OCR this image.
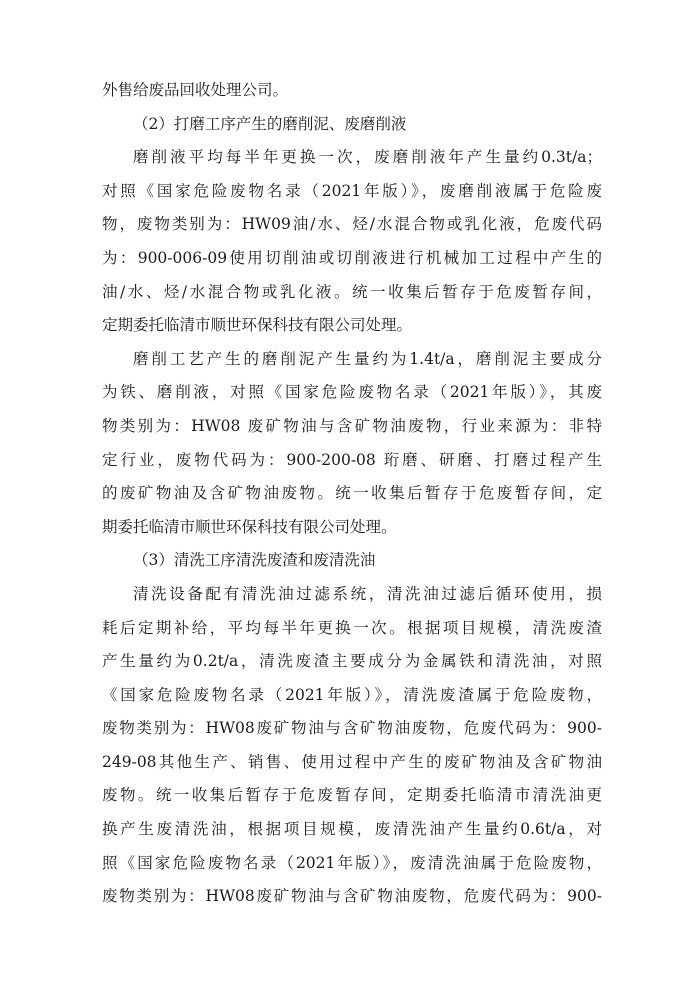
外售给废品回收处理公司。
（2）打磨工序产生的磨削泥、废磨削液
磨削液平均每半年更换一次，废磨削液年产生量约0.3t/a；
对照《国家危险废物名录（2021年版）》，废磨削液属于危险废
物，废物类别为：HW09油/水、烃/水混合物或乳化液，危废代码
为：900-006-09使用切削油或切削液进行机械加工过程中产生的
油/水、烃/水混合物或乳化液。统一收集后暂存于危废暂存间，
定期委托临清市顺世环保科技有限公司处理。
磨削工艺产生的磨削泥产生量约为1.4t/a，磨削泥主要成分
为铁、磨削液，对照《国家危险废物名录（2021年版）》，其废
物类别为：HW08 废矿物油与含矿物油废物，行业来源为：非特
定行业，废物代码为：900-200-08 珩磨、研磨、打磨过程产生
的废矿物油及含矿物油废物。统一收集后暂存于危废暂存间，定
期委托临清市顺世环保科技有限公司处理。
（3）清洗工序清洗废渣和废清洗油
清洗设备配有清洗油过滤系统，清洗油过滤后循环使用，损
耗后定期补给，平均每半年更换一次。根据项目规模，清洗废渣
产生量约为0.2t/a，清洗废渣主要成分为金属铁和清洗油，对照
《国家危险废物名录（2021年版）》，清洗废渣属于危险废物，
废物类别为：HW08废矿物油与含矿物油废物，危废代码为：900-
249-08其他生产、销售、使用过程中产生的废矿物油及含矿物油
废物。统一收集后暂存于危废暂存间，定期委托临清市清洗油更
换产生废清洗油，根据项目规模，废清洗油产生量约0.6t/a，对
照《国家危险废物名录（2021年版）》，废清洗油属于危险废物，
废物类别为：HW08废矿物油与含矿物油废物，危废代码为：900-
